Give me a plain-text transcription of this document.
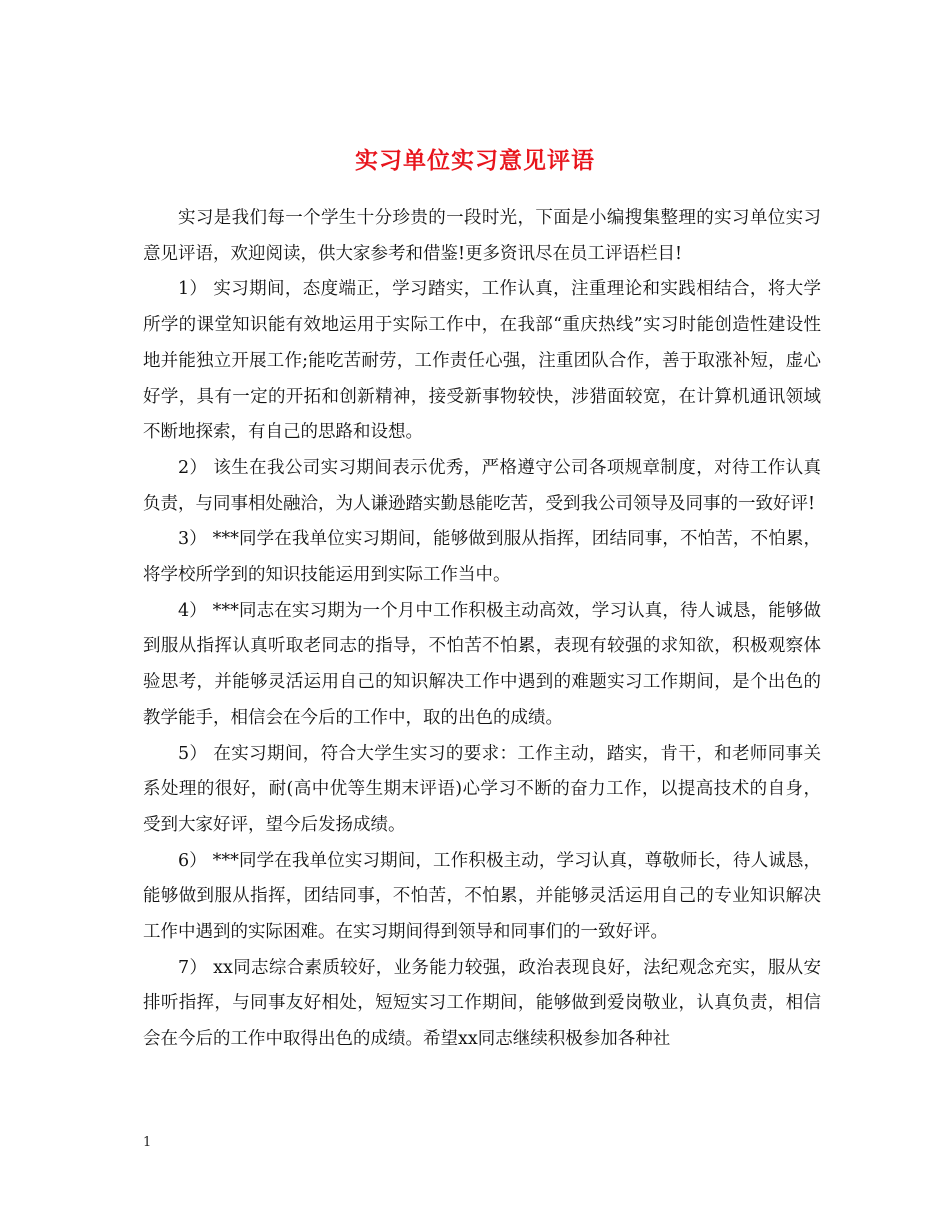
实习单位实习意见评语

实习是我们每一个学生十分珍贵的一段时光，下面是小编搜集整理的实习单位实习意见评语，欢迎阅读，供大家参考和借鉴!更多资讯尽在员工评语栏目!

1） 实习期间，态度端正，学习踏实，工作认真，注重理论和实践相结合，将大学所学的课堂知识能有效地运用于实际工作中，在我部“重庆热线”实习时能创造性建设性地并能独立开展工作;能吃苦耐劳，工作责任心强，注重团队合作，善于取涨补短，虚心好学，具有一定的开拓和创新精神，接受新事物较快，涉猎面较宽，在计算机通讯领域不断地探索，有自己的思路和设想。

2） 该生在我公司实习期间表示优秀，严格遵守公司各项规章制度，对待工作认真负责，与同事相处融洽，为人谦逊踏实勤恳能吃苦，受到我公司领导及同事的一致好评!

3） ***同学在我单位实习期间，能够做到服从指挥，团结同事，不怕苦，不怕累，将学校所学到的知识技能运用到实际工作当中。

4） ***同志在实习期为一个月中工作积极主动高效，学习认真，待人诚恳，能够做到服从指挥认真听取老同志的指导，不怕苦不怕累，表现有较强的求知欲，积极观察体验思考，并能够灵活运用自己的知识解决工作中遇到的难题实习工作期间，是个出色的教学能手，相信会在今后的工作中，取的出色的成绩。

5） 在实习期间，符合大学生实习的要求：工作主动，踏实，肯干，和老师同事关系处理的很好，耐(高中优等生期末评语)心学习不断的奋力工作，以提高技术的自身，受到大家好评，望今后发扬成绩。

6） ***同学在我单位实习期间，工作积极主动，学习认真，尊敬师长，待人诚恳，能够做到服从指挥，团结同事，不怕苦，不怕累，并能够灵活运用自己的专业知识解决工作中遇到的实际困难。在实习期间得到领导和同事们的一致好评。

7） xx同志综合素质较好，业务能力较强，政治表现良好，法纪观念充实，服从安排听指挥，与同事友好相处，短短实习工作期间，能够做到爱岗敬业，认真负责，相信会在今后的工作中取得出色的成绩。希望xx同志继续积极参加各种社

1
